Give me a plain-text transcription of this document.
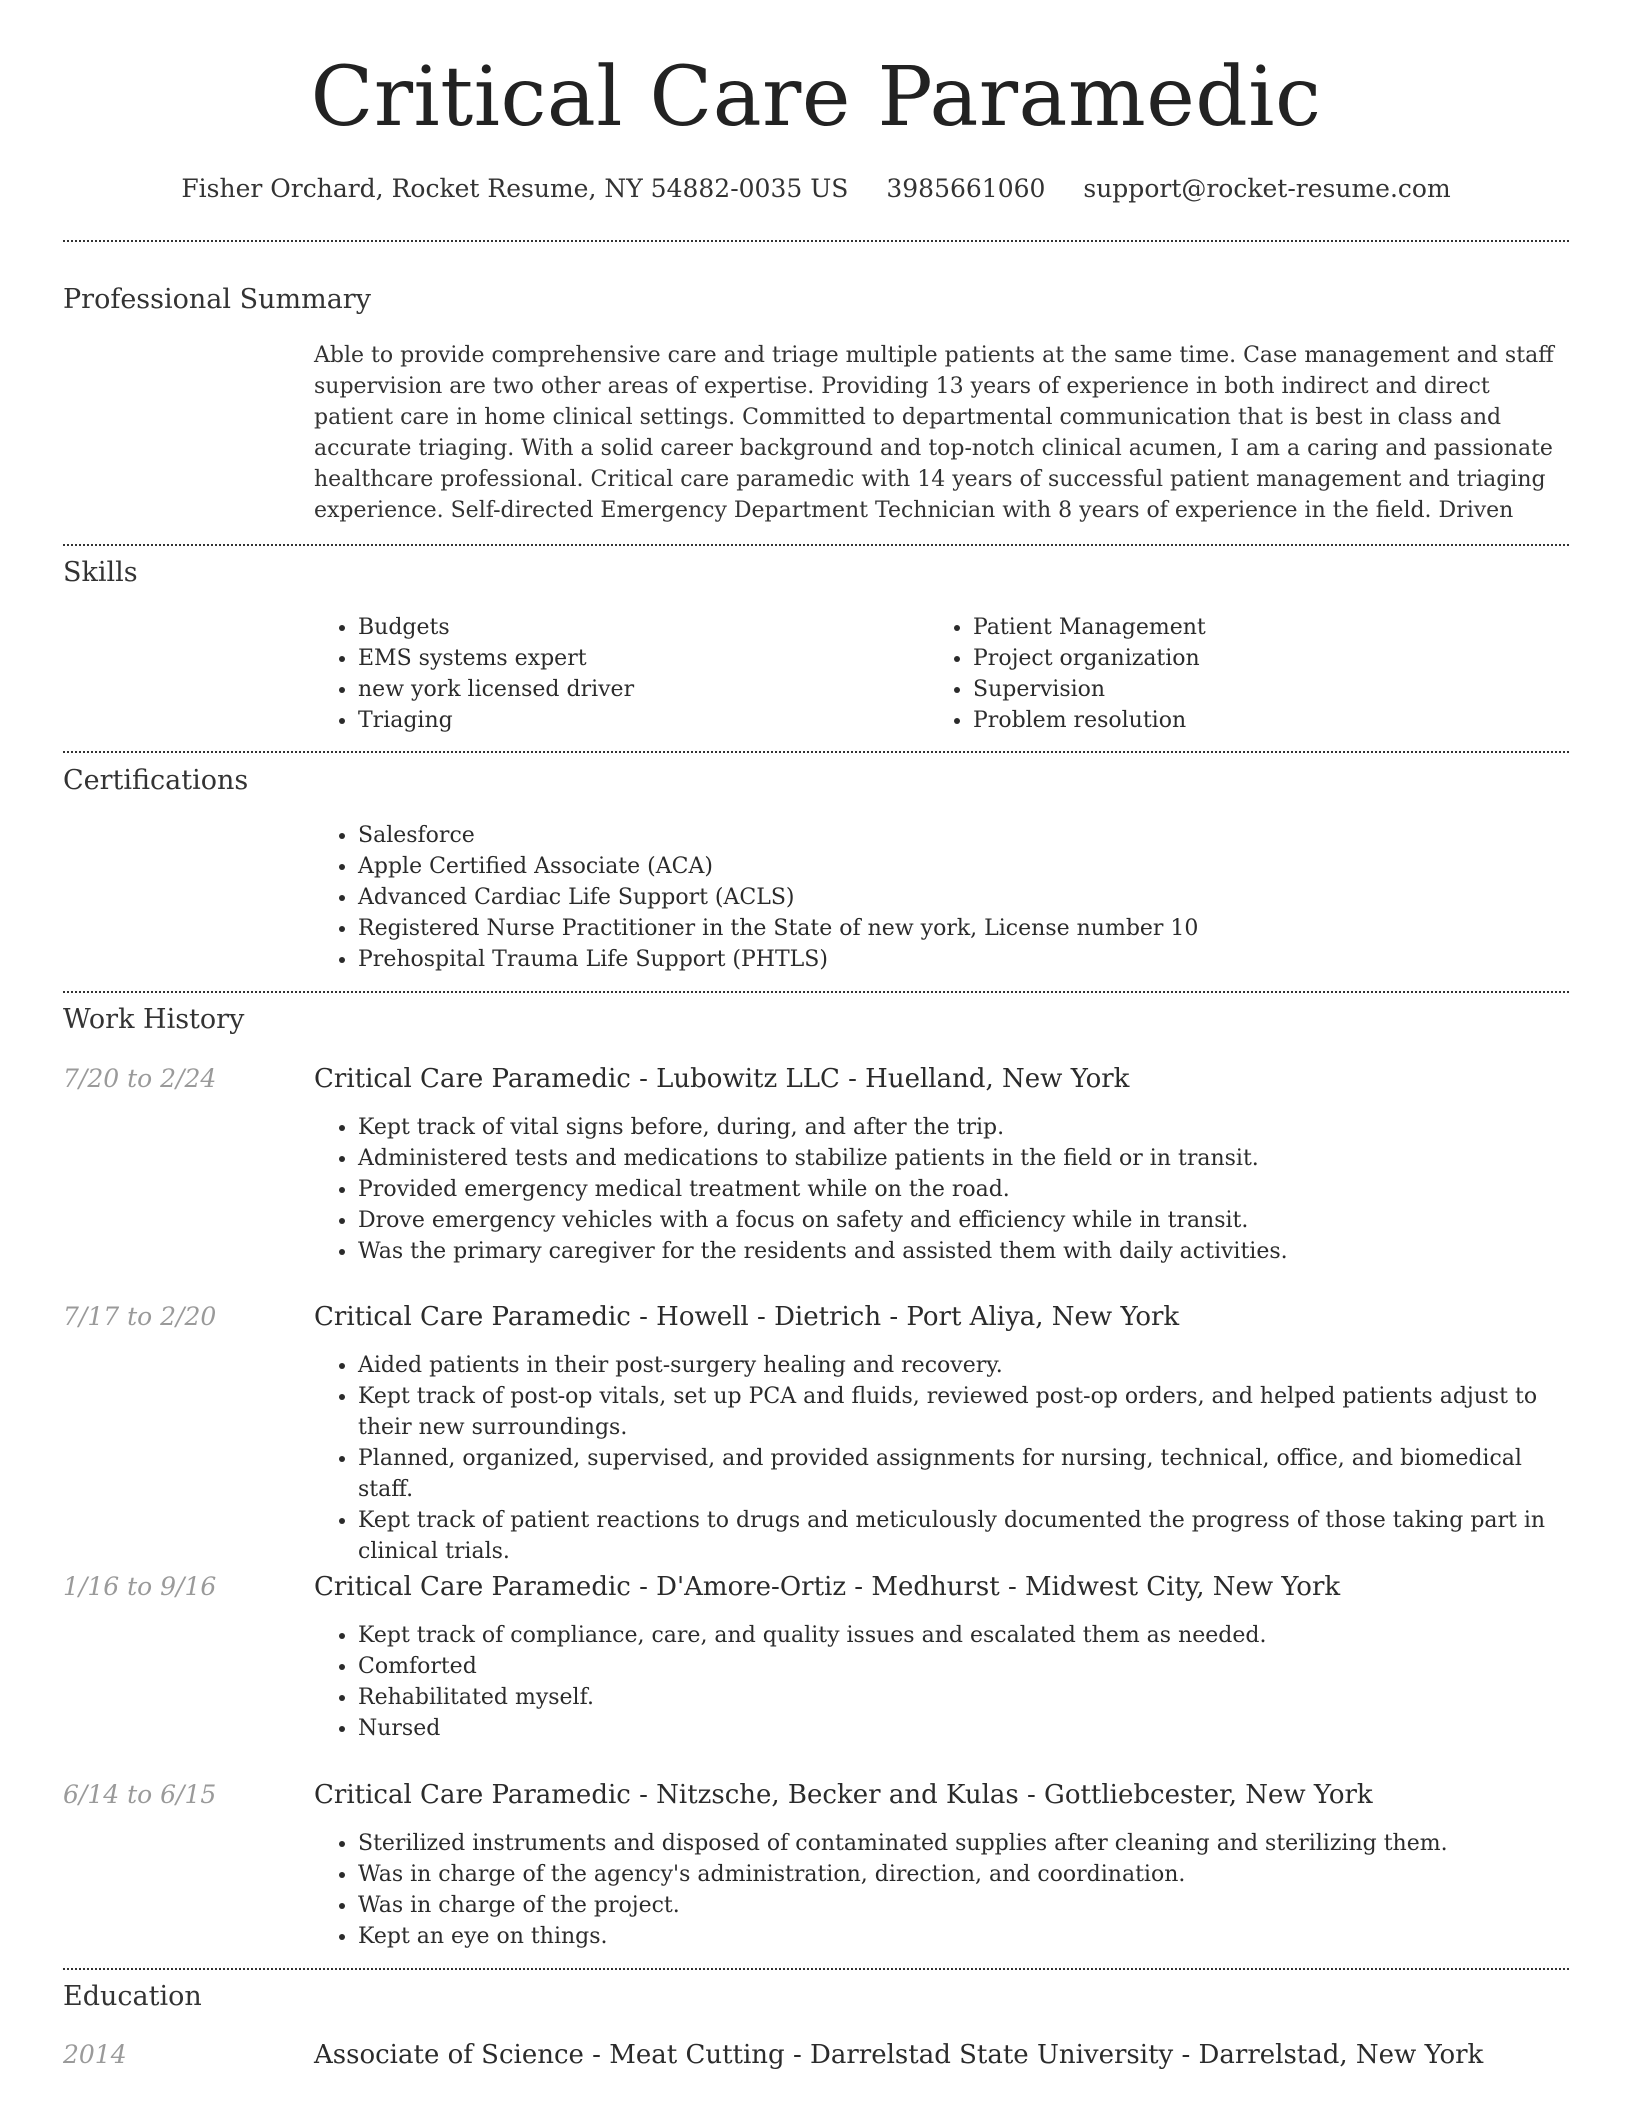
Critical Care Paramedic
Fisher Orchard, Rocket Resume, NY 54882-0035 US 3985661060 support@rocket-resume.com
Professional Summary
Able to provide comprehensive care and triage multiple patients at the same time. Case management and staff supervision are two other areas of expertise. Providing 13 years of experience in both indirect and direct patient care in home clinical settings. Committed to departmental communication that is best in class and accurate triaging. With a solid career background and top-notch clinical acumen, I am a caring and passionate healthcare professional. Critical care paramedic with 14 years of successful patient management and triaging experience. Self-directed Emergency Department Technician with 8 years of experience in the field. Driven
Skills
• Budgets
• EMS systems expert
• new york licensed driver
• Triaging
• Patient Management
• Project organization
• Supervision
• Problem resolution
Certifications
• Salesforce
• Apple Certified Associate (ACA)
• Advanced Cardiac Life Support (ACLS)
• Registered Nurse Practitioner in the State of new york, License number 10
• Prehospital Trauma Life Support (PHTLS)
Work History
7/20 to 2/24	Critical Care Paramedic - Lubowitz LLC - Huelland, New York
• Kept track of vital signs before, during, and after the trip.
• Administered tests and medications to stabilize patients in the field or in transit.
• Provided emergency medical treatment while on the road.
• Drove emergency vehicles with a focus on safety and efficiency while in transit.
• Was the primary caregiver for the residents and assisted them with daily activities.
7/17 to 2/20	Critical Care Paramedic - Howell - Dietrich - Port Aliya, New York
• Aided patients in their post-surgery healing and recovery.
• Kept track of post-op vitals, set up PCA and fluids, reviewed post-op orders, and helped patients adjust to their new surroundings.
• Planned, organized, supervised, and provided assignments for nursing, technical, office, and biomedical staff.
• Kept track of patient reactions to drugs and meticulously documented the progress of those taking part in clinical trials.
1/16 to 9/16	Critical Care Paramedic - D'Amore-Ortiz - Medhurst - Midwest City, New York
• Kept track of compliance, care, and quality issues and escalated them as needed.
• Comforted
• Rehabilitated myself.
• Nursed
6/14 to 6/15	Critical Care Paramedic - Nitzsche, Becker and Kulas - Gottliebcester, New York
• Sterilized instruments and disposed of contaminated supplies after cleaning and sterilizing them.
• Was in charge of the agency's administration, direction, and coordination.
• Was in charge of the project.
• Kept an eye on things.
Education
2014	Associate of Science - Meat Cutting - Darrelstad State University - Darrelstad, New York
